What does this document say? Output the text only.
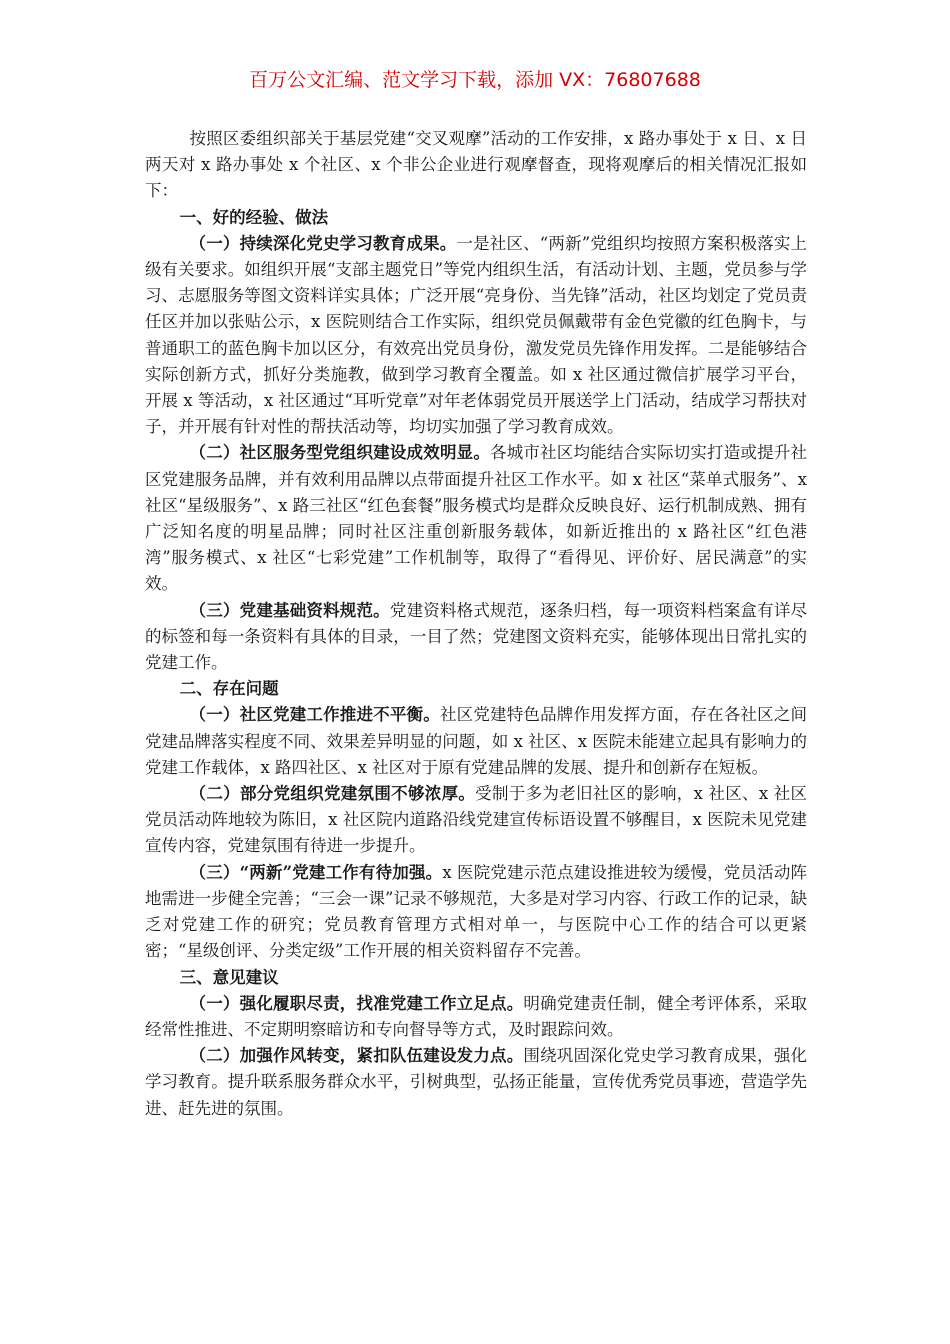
百万公文汇编、范文学习下载，添加 VX：76807688

按照区委组织部关于基层党建“交叉观摩”活动的工作安排，x 路办事处于 x 日、x 日两天对 x 路办事处 x 个社区、x 个非公企业进行观摩督查，现将观摩后的相关情况汇报如下：

一、好的经验、做法

（一）持续深化党史学习教育成果。一是社区、“两新”党组织均按照方案积极落实上级有关要求。如组织开展“支部主题党日”等党内组织生活，有活动计划、主题，党员参与学习、志愿服务等图文资料详实具体；广泛开展“亮身份、当先锋”活动，社区均划定了党员责任区并加以张贴公示，x 医院则结合工作实际，组织党员佩戴带有金色党徽的红色胸卡，与普通职工的蓝色胸卡加以区分，有效亮出党员身份，激发党员先锋作用发挥。二是能够结合实际创新方式，抓好分类施教，做到学习教育全覆盖。如 x 社区通过微信扩展学习平台，开展 x 等活动，x 社区通过“耳听党章”对年老体弱党员开展送学上门活动，结成学习帮扶对子，并开展有针对性的帮扶活动等，均切实加强了学习教育成效。

（二）社区服务型党组织建设成效明显。各城市社区均能结合实际切实打造或提升社区党建服务品牌，并有效利用品牌以点带面提升社区工作水平。如 x 社区“菜单式服务”、x 社区“星级服务”、x 路三社区“红色套餐”服务模式均是群众反映良好、运行机制成熟、拥有广泛知名度的明星品牌；同时社区注重创新服务载体，如新近推出的 x 路社区“红色港湾”服务模式、x 社区“七彩党建”工作机制等，取得了“看得见、评价好、居民满意”的实效。

（三）党建基础资料规范。党建资料格式规范，逐条归档，每一项资料档案盒有详尽的标签和每一条资料有具体的目录，一目了然；党建图文资料充实，能够体现出日常扎实的党建工作。

二、存在问题

（一）社区党建工作推进不平衡。社区党建特色品牌作用发挥方面，存在各社区之间党建品牌落实程度不同、效果差异明显的问题，如 x 社区、x 医院未能建立起具有影响力的党建工作载体，x 路四社区、x 社区对于原有党建品牌的发展、提升和创新存在短板。

（二）部分党组织党建氛围不够浓厚。受制于多为老旧社区的影响，x 社区、x 社区党员活动阵地较为陈旧，x 社区院内道路沿线党建宣传标语设置不够醒目，x 医院未见党建宣传内容，党建氛围有待进一步提升。

（三）“两新”党建工作有待加强。x 医院党建示范点建设推进较为缓慢，党员活动阵地需进一步健全完善；“三会一课”记录不够规范，大多是对学习内容、行政工作的记录，缺乏对党建工作的研究；党员教育管理方式相对单一，与医院中心工作的结合可以更紧密；“星级创评、分类定级”工作开展的相关资料留存不完善。

三、意见建议

（一）强化履职尽责，找准党建工作立足点。明确党建责任制，健全考评体系，采取经常性推进、不定期明察暗访和专向督导等方式，及时跟踪问效。

（二）加强作风转变，紧扣队伍建设发力点。围绕巩固深化党史学习教育成果，强化学习教育。提升联系服务群众水平，引树典型，弘扬正能量，宣传优秀党员事迹，营造学先进、赶先进的氛围。
